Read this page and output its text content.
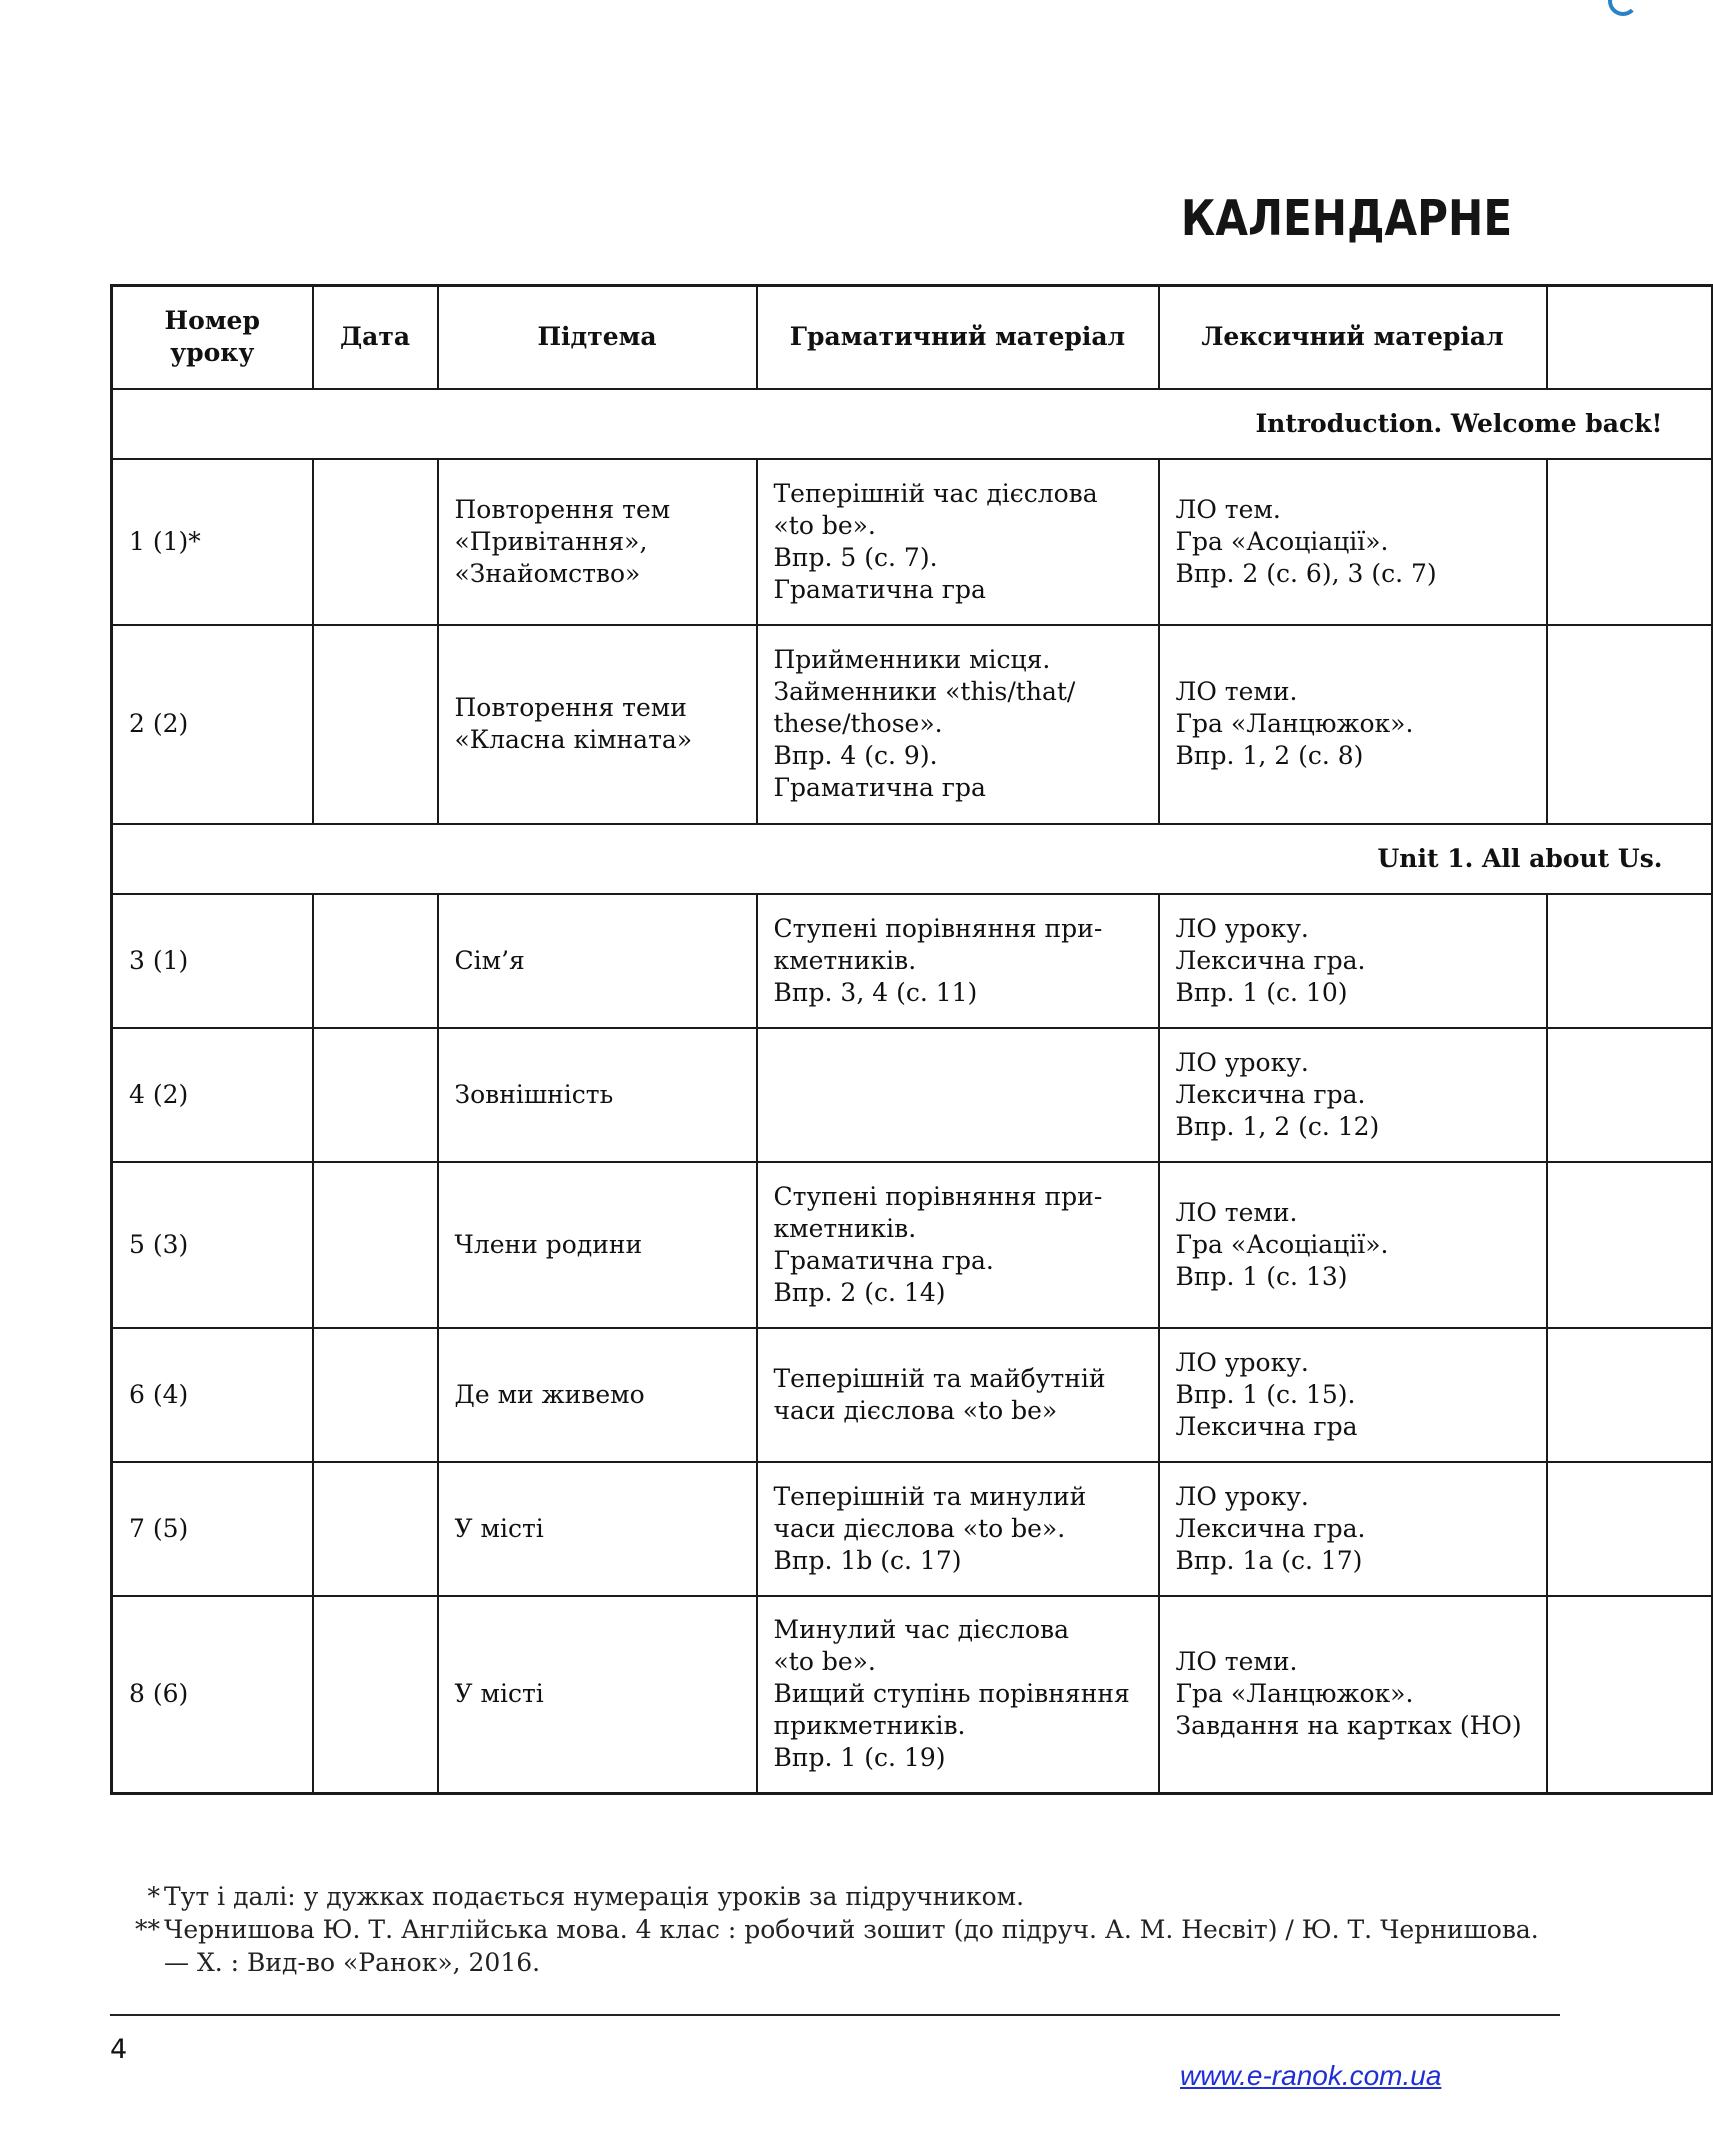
КАЛЕНДАРНЕ
Номер уроку	Дата	Підтема	Граматичний матеріал	Лексичний матеріал	
Introduction. Welcome back!					
1 (1)*		Повторення тем
«Привітання»,
«Знайомство»	Теперішній час дієслова
«to be».
Впр. 5 (с. 7).
Граматична гра	ЛО тем.
Гра «Асоціації».
Впр. 2 (с. 6), 3 (с. 7)	

2 (2)		Повторення теми
«Класна кімната»	Прийменники місця.
Займенники «this/that/
these/those».
Впр. 4 (с. 9).
Граматична гра	ЛО теми.
Гра «Ланцюжок».
Впр. 1, 2 (с. 8)	

Unit 1. All about Us.					
3 (1)		Сім’я	Ступені порівняння при-
кметників.
Впр. 3, 4 (с. 11)	ЛО уроку.
Лексична гра.
Впр. 1 (с. 10)	

4 (2)		Зовнішність		ЛО уроку.
Лексична гра.
Впр. 1, 2 (с. 12)	

5 (3)		Члени родини	Ступені порівняння при-
кметників.
Граматична гра.
Впр. 2 (с. 14)	ЛО теми.
Гра «Асоціації».
Впр. 1 (с. 13)	

6 (4)		Де ми живемо	Теперішній та майбутній
часи дієслова «to be»	ЛО уроку.
Впр. 1 (с. 15).
Лексична гра	

7 (5)		У місті	Теперішній та минулий
часи дієслова «to be».
Впр. 1b (с. 17)	ЛО уроку.
Лексична гра.
Впр. 1a (с. 17)	

8 (6)		У місті	Минулий час дієслова
«to be».
Вищий ступінь порівняння
прикметників.
Впр. 1 (с. 19)	ЛО теми.
Гра «Ланцюжок».
Завдання на картках (НО)	

* Тут і далі: у дужках подається нумерація уроків за підручником.
** Чернишова Ю. Т. Англійська мова. 4 клас : робочий зошит (до підруч. А. М. Несвіт) / Ю. Т. Чернишова. — Х. : Вид-во «Ранок», 2016.
4
www.e-ranok.com.ua
